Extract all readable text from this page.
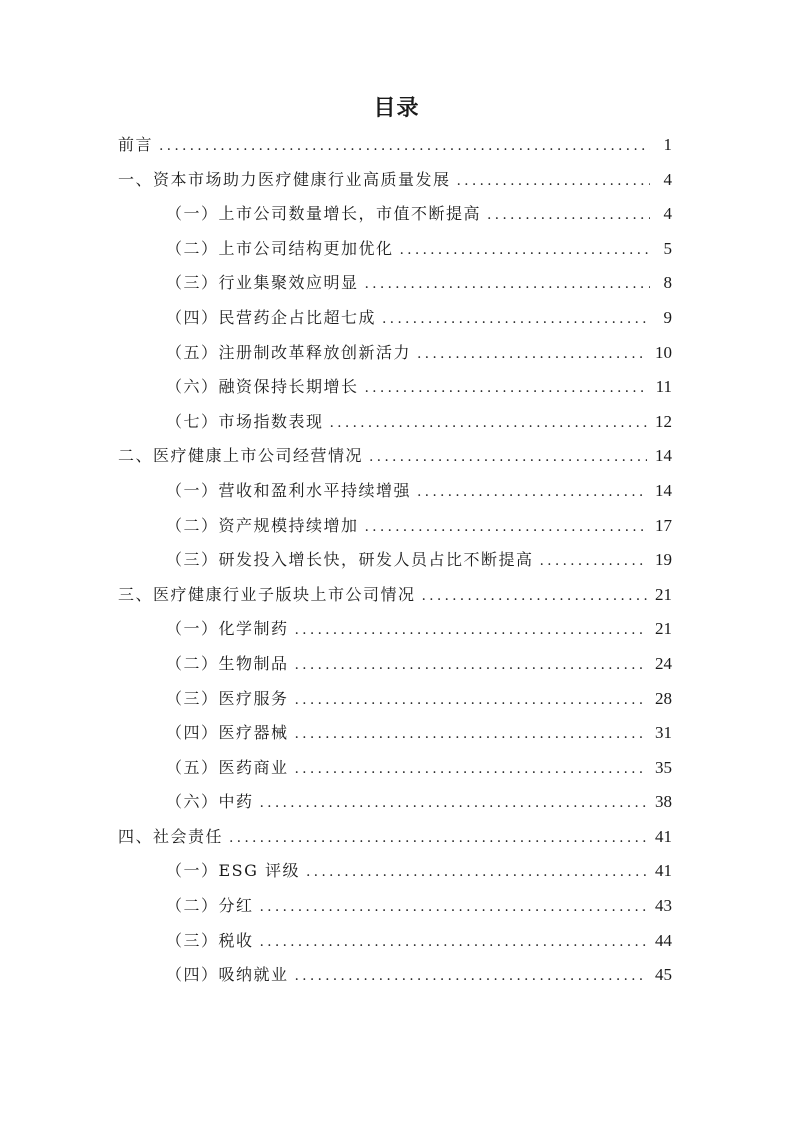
目录
前言 .....	1
一、资本市场助力医疗健康行业高质量发展 .....	4
（一）上市公司数量增长，市值不断提高 .....	4
（二）上市公司结构更加优化 .....	5
（三）行业集聚效应明显 .....	8
（四）民营药企占比超七成 .....	9
（五）注册制改革释放创新活力 .....	10
（六）融资保持长期增长 .....	11
（七）市场指数表现 .....	12
二、医疗健康上市公司经营情况 .....	14
（一）营收和盈利水平持续增强 .....	14
（二）资产规模持续增加 .....	17
（三）研发投入增长快，研发人员占比不断提高 .....	19
三、医疗健康行业子版块上市公司情况 .....	21
（一）化学制药 .....	21
（二）生物制品 .....	24
（三）医疗服务 .....	28
（四）医疗器械 .....	31
（五）医药商业 .....	35
（六）中药 .....	38
四、社会责任 .....	41
（一）ESG 评级 .....	41
（二）分红 .....	43
（三）税收 .....	44
（四）吸纳就业 .....	45
